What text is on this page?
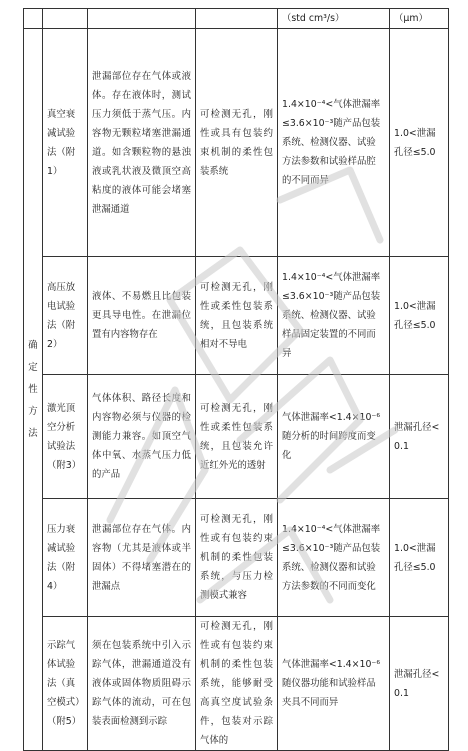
				（std cm³/s）	（μm）

确
定
性
方
法	真空衰减试验法（附1）	泄漏部位存在气体或液体。存在液体时，测试压力须低于蒸气压。内容物无颗粒堵塞泄漏通道。如含颗粒物的悬浊液或乳状液及微顶空高粘度的液体可能会堵塞泄漏通道	可检测无孔，刚性或具有包装约束机制的柔性包装系统	1.4×10⁻⁴<气体泄漏率≤3.6×10⁻³随产品包装系统、检测仪器、试验方法参数和试验样品腔的不同而异	1.0<泄漏孔径≤5.0
	高压放电试验法（附2）	液体、不易燃且比包装更具导电性。在泄漏位置有内容物存在	可检测无孔，刚性或柔性包装系统，且包装系统相对不导电	1.4×10⁻⁴<气体泄漏率≤3.6×10⁻³随产品包装系统、检测仪器、试验样品固定装置的不同而异	1.0<泄漏孔径≤5.0
	激光顶空分析试验法（附3）	气体体积、路径长度和内容物必须与仪器的检测能力兼容。如顶空气体中氧、水蒸气压力低的产品	可检测无孔，刚性或柔性包装系统，且包装允许近红外光的透射	气体泄漏率<1.4×10⁻⁶随分析的时间跨度而变化	泄漏孔径<0.1
	压力衰减试验法（附4）	泄漏部位存在气体。内容物（尤其是液体或半固体）不得堵塞潜在的泄漏点	可检测无孔，刚性或有包装约束机制的柔性包装系统，与压力检测模式兼容	1.4×10⁻⁴<气体泄漏率≤3.6×10⁻³随产品包装系统、检测仪器和试验方法参数的不同而变化	1.0<泄漏孔径≤5.0
	示踪气体试验法（真空模式）（附5）	须在包装系统中引入示踪气体，泄漏通道没有液体或固体物质阻碍示踪气体的流动，可在包装表面检测到示踪	可检测无孔，刚性或有包装约束机制的柔性包装系统，能够耐受高真空度试验条件，包装对示踪气体的	气体泄漏率<1.4×10⁻⁶随仪器功能和试验样品夹具不同而异	泄漏孔径<0.1
